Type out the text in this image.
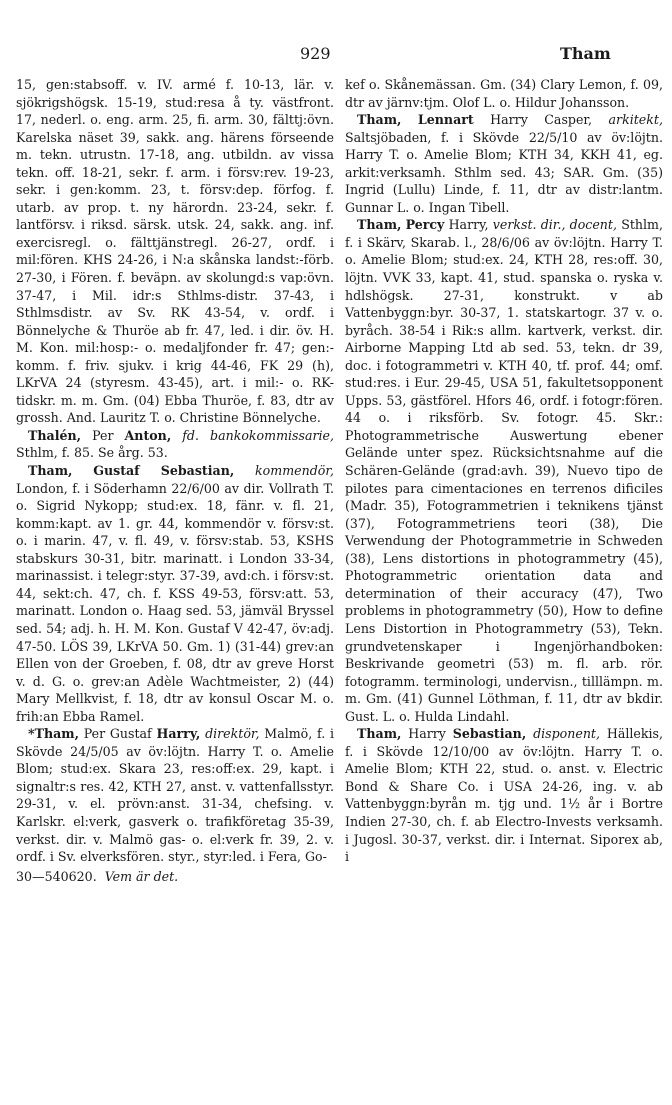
929	Tham

15, gen:stabsoff. v. IV. armé f. 10-13, lär. v. sjökrigshögsk. 15-19, stud:resa å ty. västfront. 17, nederl. o. eng. arm. 25, fi. arm. 30, fälttj:övn. Karelska näset 39, sakk. ang. härens förseende m. tekn. utrustn. 17-18, ang. utbildn. av vissa tekn. off. 18-21, sekr. f. arm. i försv:rev. 19-23, sekr. i gen:komm. 23, t. försv:dep. förfog. f. utarb. av prop. t. ny härordn. 23-24, sekr. f. lantförsv. i riksd. särsk. utsk. 24, sakk. ang. inf. exercisregl. o. fälttjänstregl. 26-27, ordf. i mil:fören. KHS 24-26, i N:a skånska landst:-förb. 27-30, i Fören. f. beväpn. av skolungd:s vap:övn. 37-47, i Mil. idr:s Sthlms-distr. 37-43, i Sthlmsdistr. av Sv. RK 43-54, v. ordf. i Bönnelyche & Thuröe ab fr. 47, led. i dir. öv. H. M. Kon. mil:hosp:- o. medaljfonder fr. 47; gen:-komm. f. friv. sjukv. i krig 44-46, FK 29 (h), LKrVA 24 (styresm. 43-45), art. i mil:- o. RK-tidskr. m. m. Gm. (04) Ebba Thuröe, f. 83, dtr av grossh. And. Lauritz T. o. Christine Bönnelyche.

Thalén, Per Anton, fd. bankokommissarie, Sthlm, f. 85. Se årg. 53.

Tham, Gustaf Sebastian, kommendör, London, f. i Söderhamn 22/6/00 av dir. Vollrath T. o. Sigrid Nykopp; stud:ex. 18, fänr. v. fl. 21, komm:kapt. av 1. gr. 44, kommendör v. försv:st. o. i marin. 47, v. fl. 49, v. försv:stab. 53, KSHS stabskurs 30-31, bitr. marinatt. i London 33-34, marinassist. i telegr:styr. 37-39, avd:ch. i försv:st. 44, sekt:ch. 47, ch. f. KSS 49-53, försv:att. 53, marinatt. London o. Haag sed. 53, jämväl Bryssel sed. 54; adj. h. H. M. Kon. Gustaf V 42-47, öv:adj. 47-50. LÖS 39, LKrVA 50. Gm. 1) (31-44) grev:an Ellen von der Groeben, f. 08, dtr av greve Horst v. d. G. o. grev:an Adèle Wachtmeister, 2) (44) Mary Mellkvist, f. 18, dtr av konsul Oscar M. o. frih:an Ebba Ramel.

*Tham, Per Gustaf Harry, direktör, Malmö, f. i Skövde 24/5/05 av öv:löjtn. Harry T. o. Amelie Blom; stud:ex. Skara 23, res:off:ex. 29, kapt. i signaltr:s res. 42, KTH 27, anst. v. vattenfallsstyr. 29-31, v. el. prövn:anst. 31-34, chefsing. v. Karlskr. el:verk, gasverk o. trafikföretag 35-39, verkst. dir. v. Malmö gas- o. el:verk fr. 39, 2. v. ordf. i Sv. elverksfören. styr., styr:led. i Fera, Go-

30—540620. Vem är det.

kef o. Skånemässan. Gm. (34) Clary Lemon, f. 09, dtr av järnv:tjm. Olof L. o. Hildur Johansson.

Tham, Lennart Harry Casper, arkitekt, Saltsjöbaden, f. i Skövde 22/5/10 av öv:löjtn. Harry T. o. Amelie Blom; KTH 34, KKH 41, eg. arkit:verksamh. Sthlm sed. 43; SAR. Gm. (35) Ingrid (Lullu) Linde, f. 11, dtr av distr:lantm. Gunnar L. o. Ingan Tibell.

Tham, Percy Harry, verkst. dir., docent, Sthlm, f. i Skärv, Skarab. l., 28/6/06 av öv:löjtn. Harry T. o. Amelie Blom; stud:ex. 24, KTH 28, res:off. 30, löjtn. VVK 33, kapt. 41, stud. spanska o. ryska v. hdlshögsk. 27-31, konstrukt. v ab Vattenbyggn:byr. 30-37, 1. statskartogr. 37 v. o. byråch. 38-54 i Rik:s allm. kartverk, verkst. dir. Airborne Mapping Ltd ab sed. 53, tekn. dr 39, doc. i fotogrammetri v. KTH 40, tf. prof. 44; omf. stud:res. i Eur. 29-45, USA 51, fakultetsopponent Upps. 53, gästförel. Hfors 46, ordf. i fotogr:fören. 44 o. i riksförb. Sv. fotogr. 45. Skr.: Photogrammetrische Auswertung ebener Gelände unter spez. Rücksichtsnahme auf die Schären-Gelände (grad:avh. 39), Nuevo tipo de pilotes para cimentaciones en terrenos dificiles (Madr. 35), Fotogrammetrien i teknikens tjänst (37), Fotogrammetriens teori (38), Die Verwendung der Photogrammetrie in Schweden (38), Lens distortions in photogrammetry (45), Photogrammetric orientation data and determination of their accuracy (47), Two problems in photogrammetry (50), How to define Lens Distortion in Photogrammetry (53), Tekn. grundvetenskaper i Ingenjörhandboken: Beskrivande geometri (53) m. fl. arb. rör. fotogramm. terminologi, undervisn., tilllämpn. m. m. Gm. (41) Gunnel Löthman, f. 11, dtr av bkdir. Gust. L. o. Hulda Lindahl.

Tham, Harry Sebastian, disponent, Hällekis, f. i Skövde 12/10/00 av öv:löjtn. Harry T. o. Amelie Blom; KTH 22, stud. o. anst. v. Electric Bond & Share Co. i USA 24-26, ing. v. ab Vattenbyggn:byrån m. tjg und. 1½ år i Bortre Indien 27-30, ch. f. ab Electro-Invests verksamh. i Jugosl. 30-37, verkst. dir. i Internat. Siporex ab, i
